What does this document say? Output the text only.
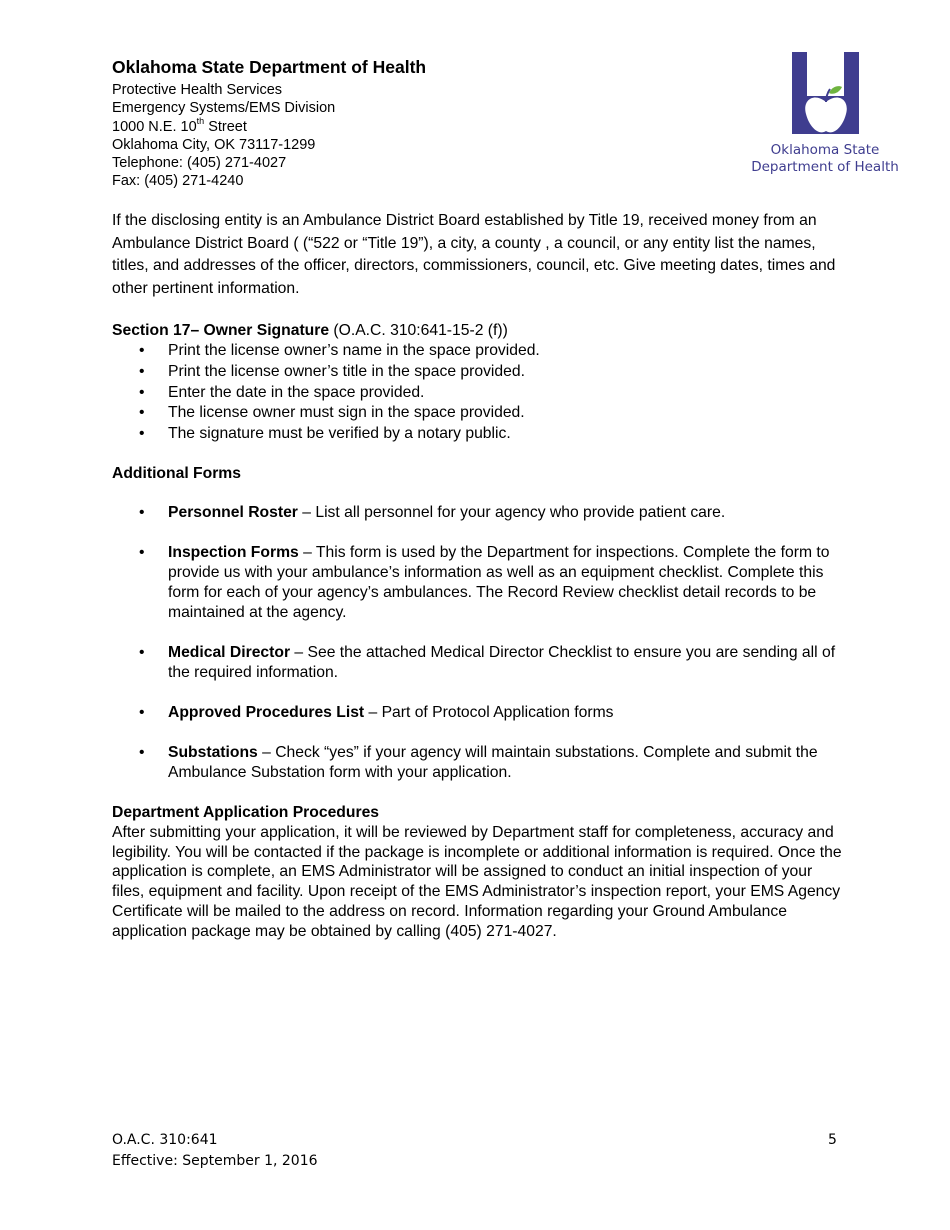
Oklahoma State Department of Health
Protective Health Services
Emergency Systems/EMS Division
1000 N.E. 10th Street
Oklahoma City, OK 73117-1299
Telephone: (405) 271-4027
Fax: (405) 271-4240
Oklahoma State
Department of Health
If the disclosing entity is an Ambulance District Board established by Title 19, received money from an Ambulance District Board ( (“522 or “Title 19”), a city, a county , a council, or any entity list the names, titles, and addresses of the officer, directors, commissioners, council, etc. Give meeting dates, times and other pertinent information.
Section 17– Owner Signature (O.A.C. 310:641-15-2 (f))
• Print the license owner’s name in the space provided.
• Print the license owner’s title in the space provided.
• Enter the date in the space provided.
• The license owner must sign in the space provided.
• The signature must be verified by a notary public.
Additional Forms
• Personnel Roster – List all personnel for your agency who provide patient care.
• Inspection Forms – This form is used by the Department for inspections. Complete the form to provide us with your ambulance’s information as well as an equipment checklist. Complete this form for each of your agency’s ambulances. The Record Review checklist detail records to be maintained at the agency.
• Medical Director – See the attached Medical Director Checklist to ensure you are sending all of the required information.
• Approved Procedures List – Part of Protocol Application forms
• Substations – Check “yes” if your agency will maintain substations. Complete and submit the Ambulance Substation form with your application.
Department Application Procedures
After submitting your application, it will be reviewed by Department staff for completeness, accuracy and legibility. You will be contacted if the package is incomplete or additional information is required. Once the application is complete, an EMS Administrator will be assigned to conduct an initial inspection of your files, equipment and facility. Upon receipt of the EMS Administrator’s inspection report, your EMS Agency Certificate will be mailed to the address on record. Information regarding your Ground Ambulance application package may be obtained by calling (405) 271-4027.
O.A.C. 310:641
Effective: September 1, 2016
5
